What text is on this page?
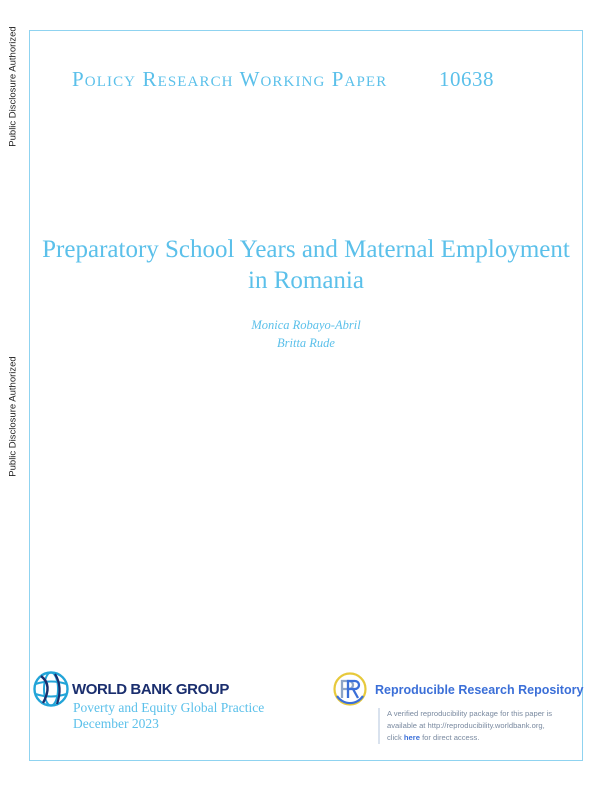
Public Disclosure Authorized
Public Disclosure Authorized
Policy Research Working Paper 10638
Preparatory School Years and Maternal Employment
in Romania
Monica Robayo-Abril
Britta Rude
WORLD BANK GROUP
Poverty and Equity Global Practice
December 2023
Reproducible Research Repository
A verified reproducibility package for this paper is
available at http://reproducibility.worldbank.org,
click here for direct access.
